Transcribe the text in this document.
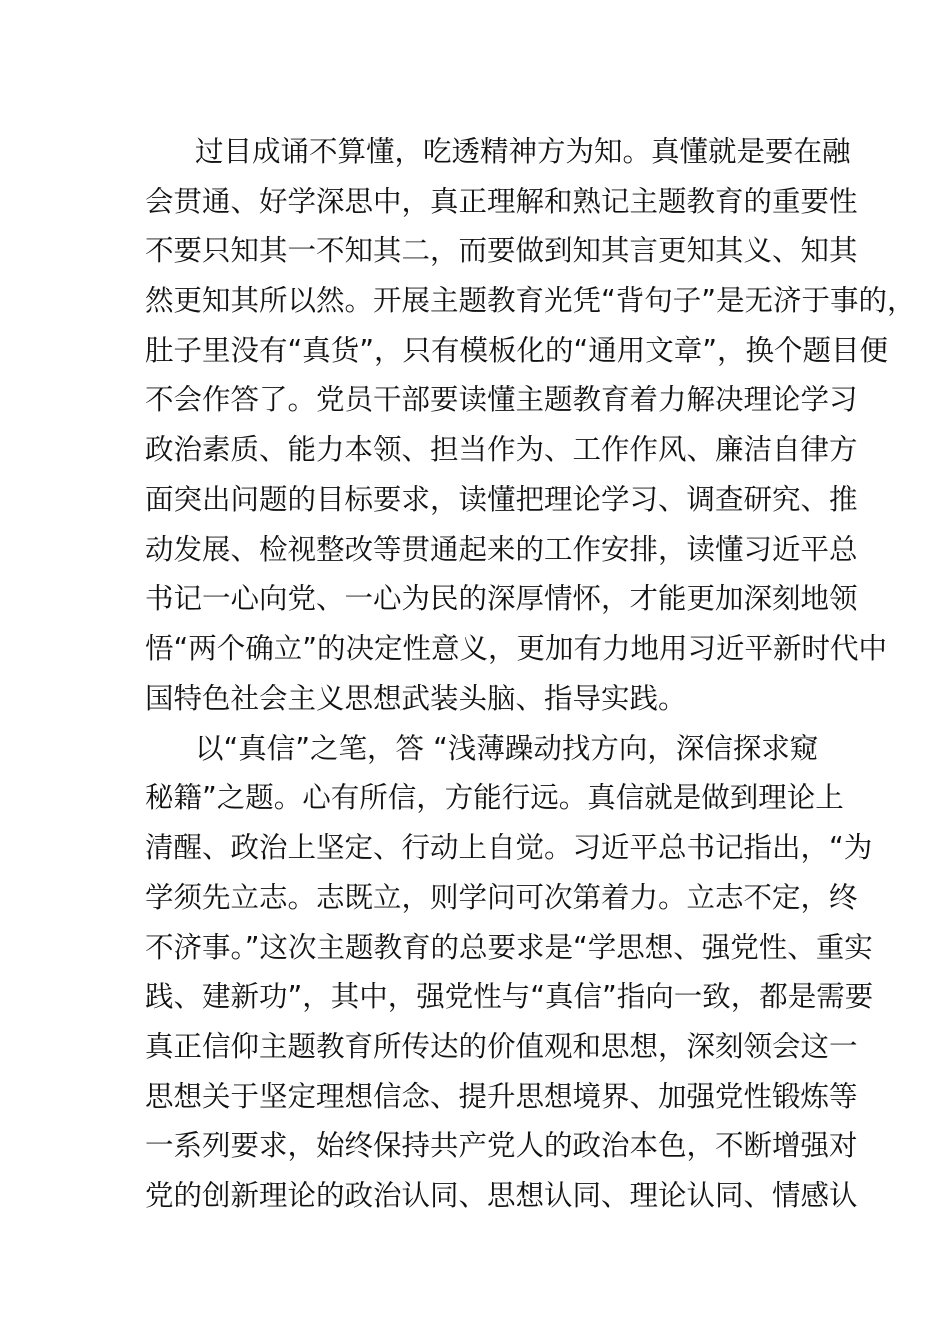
过目成诵不算懂，吃透精神方为知。真懂就是要在融
会贯通、好学深思中，真正理解和熟记主题教育的重要性
不要只知其一不知其二，而要做到知其言更知其义、知其
然更知其所以然。开展主题教育光凭“背句子”是无济于事的，
肚子里没有“真货”，只有模板化的“通用文章”，换个题目便
不会作答了。党员干部要读懂主题教育着力解决理论学习
政治素质、能力本领、担当作为、工作作风、廉洁自律方
面突出问题的目标要求，读懂把理论学习、调查研究、推
动发展、检视整改等贯通起来的工作安排，读懂习近平总
书记一心向党、一心为民的深厚情怀，才能更加深刻地领
悟“两个确立”的决定性意义，更加有力地用习近平新时代中
国特色社会主义思想武装头脑、指导实践。
以“真信”之笔，答 “浅薄躁动找方向，深信探求窥
秘籍”之题。心有所信，方能行远。真信就是做到理论上
清醒、政治上坚定、行动上自觉。习近平总书记指出，“为
学须先立志。志既立，则学问可次第着力。立志不定，终
不济事。”这次主题教育的总要求是“学思想、强党性、重实
践、建新功”，其中，强党性与“真信”指向一致，都是需要
真正信仰主题教育所传达的价值观和思想，深刻领会这一
思想关于坚定理想信念、提升思想境界、加强党性锻炼等
一系列要求，始终保持共产党人的政治本色，不断增强对
党的创新理论的政治认同、思想认同、理论认同、情感认
